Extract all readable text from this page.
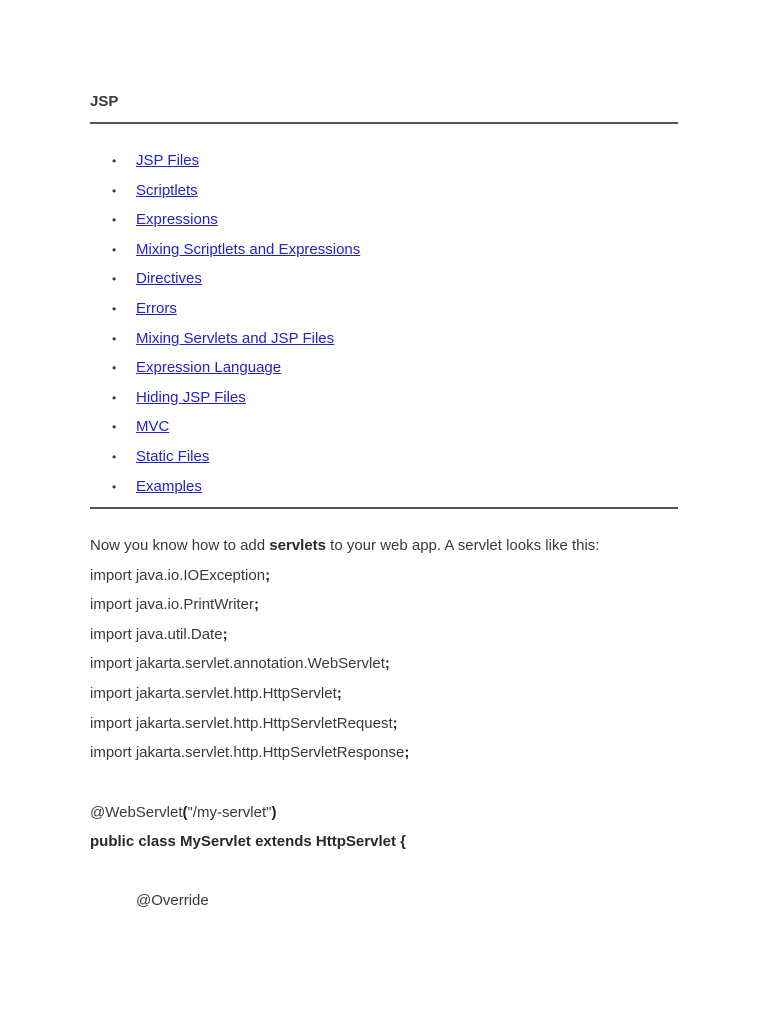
JSP
• JSP Files
• Scriptlets
• Expressions
• Mixing Scriptlets and Expressions
• Directives
• Errors
• Mixing Servlets and JSP Files
• Expression Language
• Hiding JSP Files
• MVC
• Static Files
• Examples
Now you know how to add servlets to your web app. A servlet looks like this:
import java.io.IOException;
import java.io.PrintWriter;
import java.util.Date;
import jakarta.servlet.annotation.WebServlet;
import jakarta.servlet.http.HttpServlet;
import jakarta.servlet.http.HttpServletRequest;
import jakarta.servlet.http.HttpServletResponse;
@WebServlet("/my-servlet")
public class MyServlet extends HttpServlet {
@Override
